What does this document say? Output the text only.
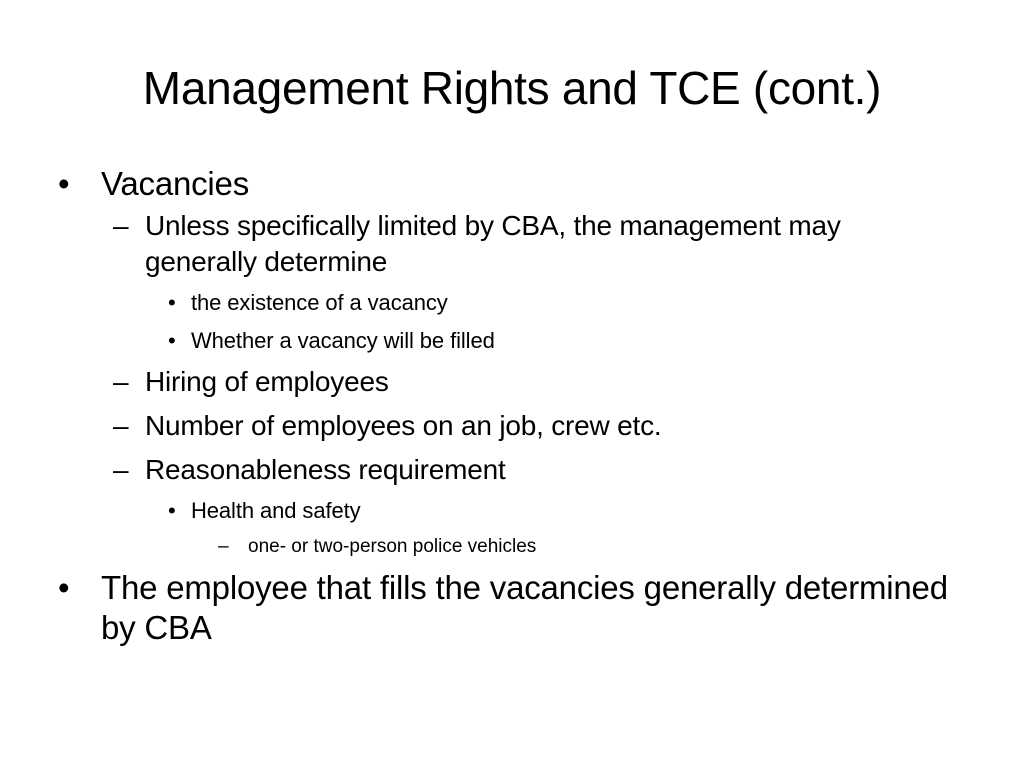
Management Rights and TCE (cont.)
• Vacancies
– Unless specifically limited by CBA, the management may generally determine
• the existence of a vacancy
• Whether a vacancy will be filled
– Hiring of employees
– Number of employees on an job, crew etc.
– Reasonableness requirement
• Health and safety
– one- or two-person police vehicles
• The employee that fills the vacancies generally determined by CBA
